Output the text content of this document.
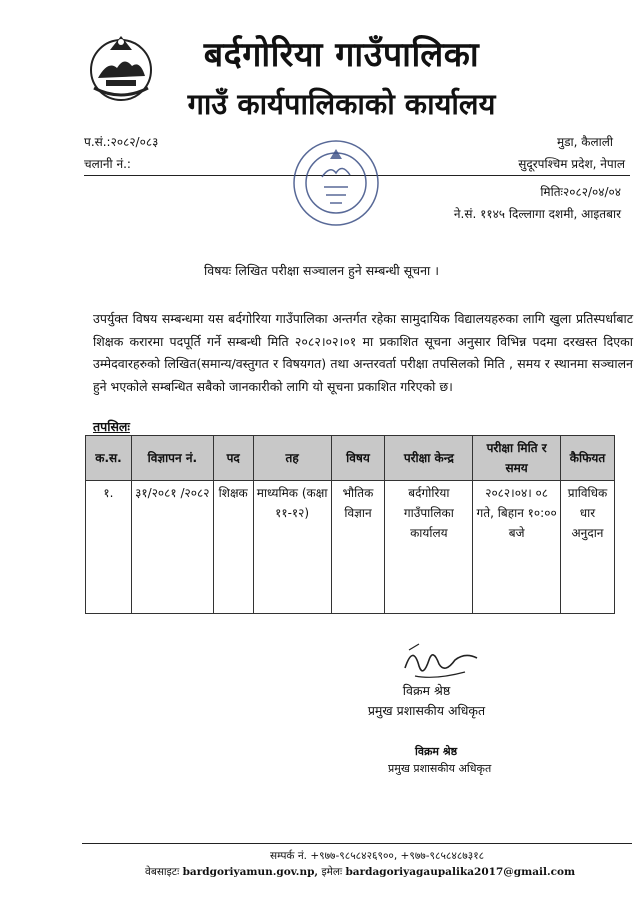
बर्दगोरिया गाउँपालिका
गाउँ कार्यपालिकाको कार्यालय
प.सं.:२०८२/०८३
चलानी नं.:
मुडा, कैलाली
सुदूरपश्चिम प्रदेश, नेपाल
मितिः२०८२/०४/०४
ने.सं. ११४५ दिल्लागा दशमी, आइतबार
विषयः लिखित परीक्षा सञ्चालन हुने सम्बन्धी सूचना ।
उपर्युक्त विषय सम्बन्धमा यस बर्दगोरिया गाउँपालिका अन्तर्गत रहेका सामुदायिक विद्यालयहरुका लागि खुला प्रतिस्पर्धाबाट शिक्षक करारमा पदपूर्ति गर्ने सम्बन्धी मिति २०८२।०२।०१ मा प्रकाशित सूचना अनुसार विभिन्न पदमा दरखस्त दिएका उम्मेदवारहरुको लिखित(समान्य/वस्तुगत र विषयगत) तथा अन्तरवर्ता परीक्षा तपसिलको मिति , समय र स्थानमा सञ्चालन हुने भएकोले सम्बन्धित सबैको जानकारीको लागि यो सूचना प्रकाशित गरिएको छ।
तपसिलः
क.स.	विज्ञापन नं.	पद	तह	विषय	परीक्षा केन्द्र	परीक्षा मिति र समय	कैफियत
१.	३१/२०८१ /२०८२	शिक्षक	माध्यमिक (कक्षा ११-१२)	भौतिक विज्ञान	बर्दगोरिया गाउँपालिका कार्यालय	२०८२।०४। ०८ गते, बिहान १०:०० बजे	प्राविधिक धार अनुदान
विक्रम श्रेष्ठ
प्रमुख प्रशासकीय अधिकृत
विक्रम श्रेष्ठ
प्रमुख प्रशासकीय अधिकृत
सम्पर्क नं. +९७७-९८५८४२६९००, +९७७-९८५८४८७३१८
वेबसाइटः bardgoriyamun.gov.np, इमेलः bardagoriyagaupalika2017@gmail.com
